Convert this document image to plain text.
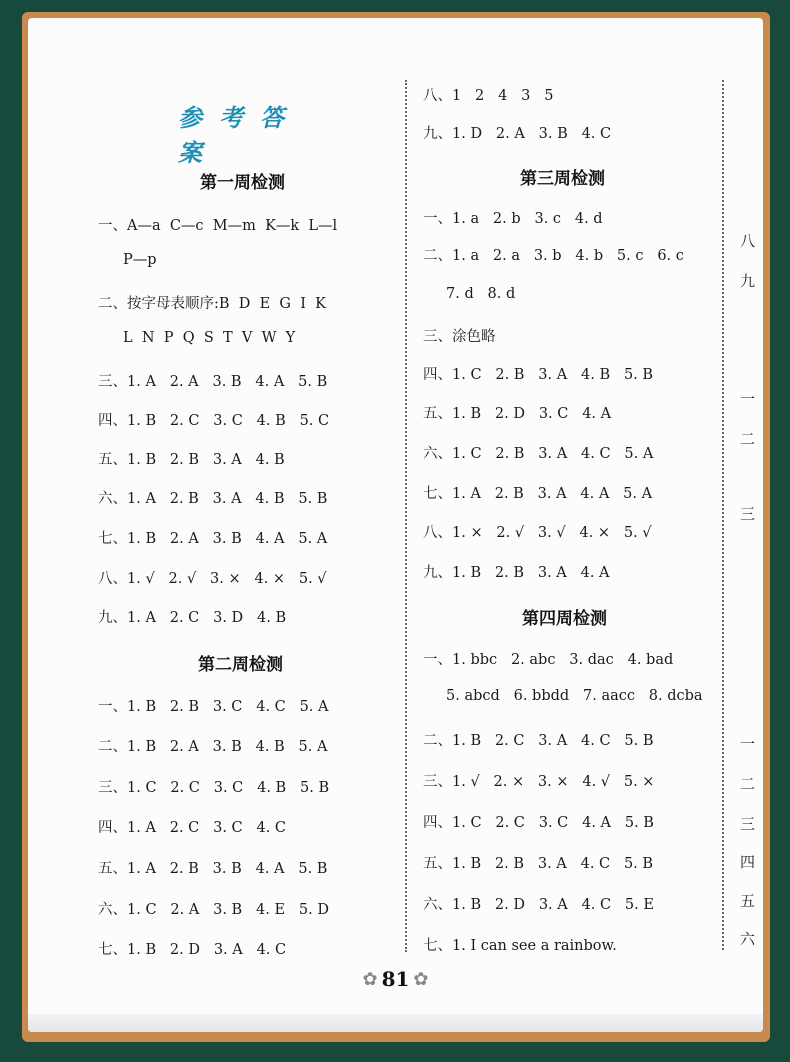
参考答案
第一周检测
一、A—a  C—c  M—m  K—k  L—l
P—p
二、按字母表顺序:B  D  E  G  I  K
L  N  P  Q  S  T  V  W  Y
三、1. A   2. A   3. B   4. A   5. B
四、1. B   2. C   3. C   4. B   5. C
五、1. B   2. B   3. A   4. B
六、1. A   2. B   3. A   4. B   5. B
七、1. B   2. A   3. B   4. A   5. A
八、1. √   2. √   3. ×   4. ×   5. √
九、1. A   2. C   3. D   4. B
第二周检测
一、1. B   2. B   3. C   4. C   5. A
二、1. B   2. A   3. B   4. B   5. A
三、1. C   2. C   3. C   4. B   5. B
四、1. A   2. C   3. C   4. C
五、1. A   2. B   3. B   4. A   5. B
六、1. C   2. A   3. B   4. E   5. D
七、1. B   2. D   3. A   4. C
八、1   2   4   3   5
九、1. D   2. A   3. B   4. C
第三周检测
一、1. a   2. b   3. c   4. d
二、1. a   2. a   3. b   4. b   5. c   6. c
7. d   8. d
三、涂色略
四、1. C   2. B   3. A   4. B   5. B
五、1. B   2. D   3. C   4. A
六、1. C   2. B   3. A   4. C   5. A
七、1. A   2. B   3. A   4. A   5. A
八、1. ×   2. √   3. √   4. ×   5. √
九、1. B   2. B   3. A   4. A
第四周检测
一、1. bbc   2. abc   3. dac   4. bad
5. abcd   6. bbdd   7. aacc   8. dcba
二、1. B   2. C   3. A   4. C   5. B
三、1. √   2. ×   3. ×   4. √   5. ×
四、1. C   2. C   3. C   4. A   5. B
五、1. B   2. B   3. A   4. C   5. B
六、1. B   2. D   3. A   4. C   5. E
七、1. I can see a rainbow.
八
九
一
二
三
一
二
三
四
五
六
✿ 81 ✿
